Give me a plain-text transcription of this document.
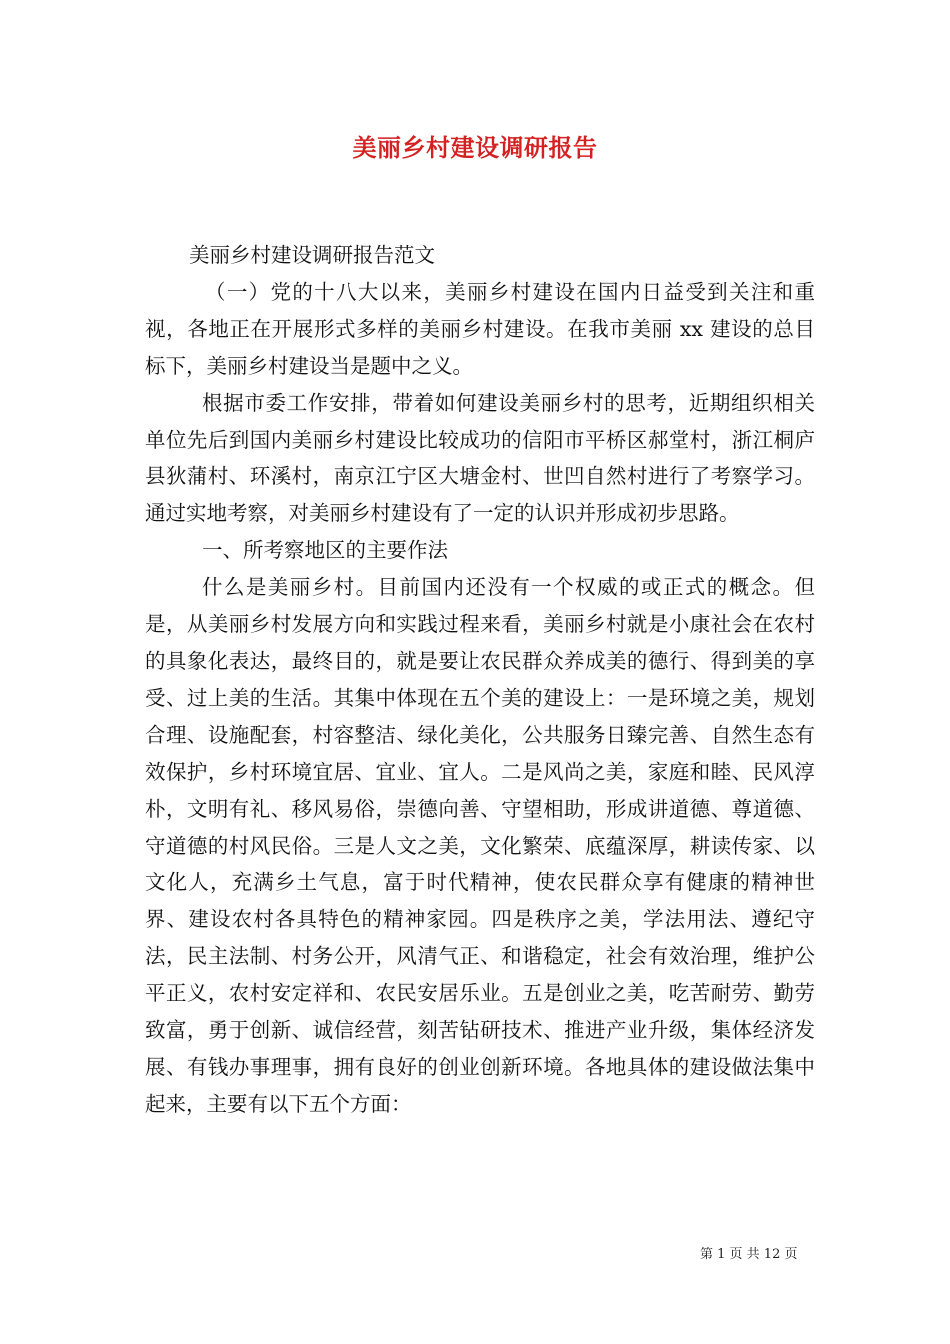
美丽乡村建设调研报告

美丽乡村建设调研报告范文

（一）党的十八大以来，美丽乡村建设在国内日益受到关注和重视，各地正在开展形式多样的美丽乡村建设。在我市美丽 xx 建设的总目标下，美丽乡村建设当是题中之义。

根据市委工作安排，带着如何建设美丽乡村的思考，近期组织相关单位先后到国内美丽乡村建设比较成功的信阳市平桥区郝堂村，浙江桐庐县狄蒲村、环溪村，南京江宁区大塘金村、世凹自然村进行了考察学习。通过实地考察，对美丽乡村建设有了一定的认识并形成初步思路。

一、所考察地区的主要作法

什么是美丽乡村。目前国内还没有一个权威的或正式的概念。但是，从美丽乡村发展方向和实践过程来看，美丽乡村就是小康社会在农村的具象化表达，最终目的，就是要让农民群众养成美的德行、得到美的享受、过上美的生活。其集中体现在五个美的建设上：一是环境之美，规划合理、设施配套，村容整洁、绿化美化，公共服务日臻完善、自然生态有效保护，乡村环境宜居、宜业、宜人。二是风尚之美，家庭和睦、民风淳朴，文明有礼、移风易俗，崇德向善、守望相助，形成讲道德、尊道德、守道德的村风民俗。三是人文之美，文化繁荣、底蕴深厚，耕读传家、以文化人，充满乡土气息，富于时代精神，使农民群众享有健康的精神世界、建设农村各具特色的精神家园。四是秩序之美，学法用法、遵纪守法，民主法制、村务公开，风清气正、和谐稳定，社会有效治理，维护公平正义，农村安定祥和、农民安居乐业。五是创业之美，吃苦耐劳、勤劳致富，勇于创新、诚信经营，刻苦钻研技术、推进产业升级，集体经济发展、有钱办事理事，拥有良好的创业创新环境。各地具体的建设做法集中起来，主要有以下五个方面：

第 1 页 共 12 页
